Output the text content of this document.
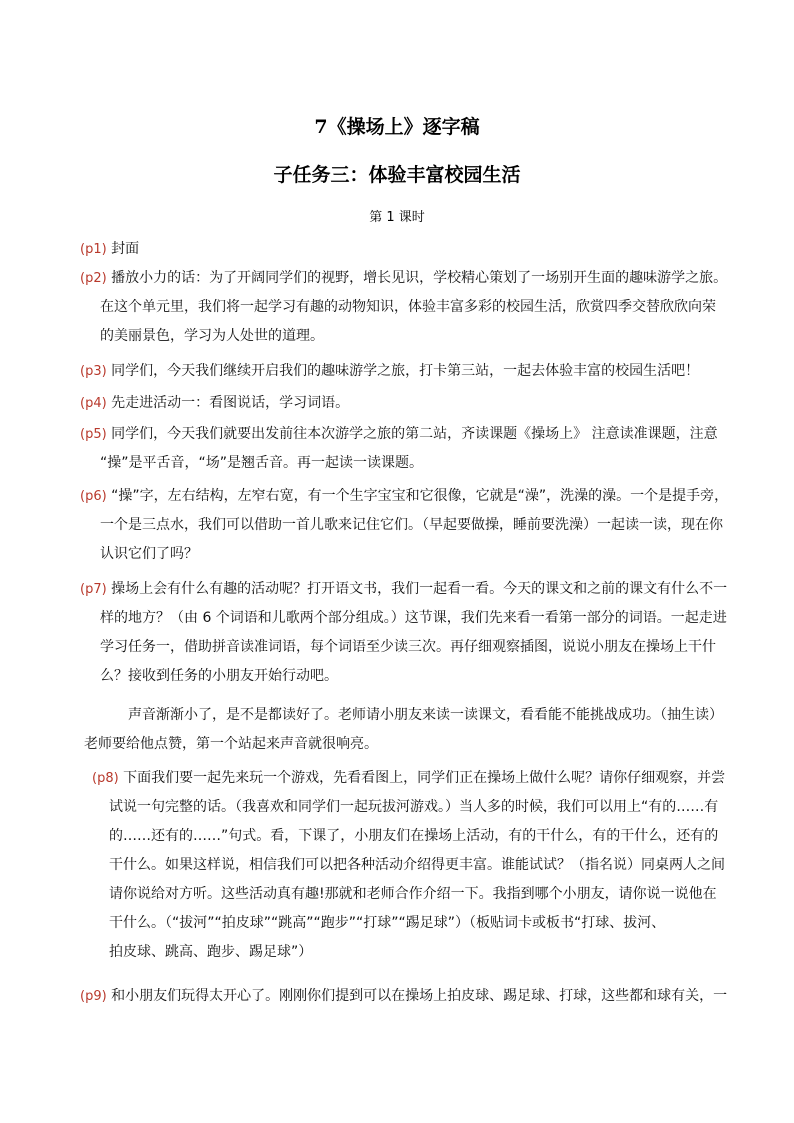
7《操场上》逐字稿
子任务三：体验丰富校园生活
第 1 课时
(p1) 封面
(p2) 播放小力的话：为了开阔同学们的视野，增长见识，学校精心策划了一场别开生面的趣味游学之旅。
在这个单元里，我们将一起学习有趣的动物知识，体验丰富多彩的校园生活，欣赏四季交替欣欣向荣
的美丽景色，学习为人处世的道理。
(p3) 同学们，今天我们继续开启我们的趣味游学之旅，打卡第三站，一起去体验丰富的校园生活吧！
(p4) 先走进活动一：看图说话，学习词语。
(p5) 同学们，今天我们就要出发前往本次游学之旅的第二站，齐读课题《操场上》 注意读准课题，注意
“操”是平舌音，“场”是翘舌音。再一起读一读课题。
(p6) “操”字，左右结构，左窄右宽，有一个生字宝宝和它很像，它就是“澡”，洗澡的澡。一个是提手旁，
一个是三点水，我们可以借助一首儿歌来记住它们。（早起要做操，睡前要洗澡）一起读一读，现在你
认识它们了吗？
(p7) 操场上会有什么有趣的活动呢？打开语文书，我们一起看一看。今天的课文和之前的课文有什么不一
样的地方？（由 6 个词语和儿歌两个部分组成。）这节课，我们先来看一看第一部分的词语。一起走进
学习任务一，借助拼音读准词语，每个词语至少读三次。再仔细观察插图，说说小朋友在操场上干什
么？接收到任务的小朋友开始行动吧。
声音渐渐小了，是不是都读好了。老师请小朋友来读一读课文，看看能不能挑战成功。（抽生读）
老师要给他点赞，第一个站起来声音就很响亮。
(p8) 下面我们要一起先来玩一个游戏，先看看图上，同学们正在操场上做什么呢？请你仔细观察，并尝
试说一句完整的话。（我喜欢和同学们一起玩拔河游戏。）当人多的时候，我们可以用上“有的……有
的……还有的……”句式。看，下课了，小朋友们在操场上活动，有的干什么，有的干什么，还有的
干什么。如果这样说，相信我们可以把各种活动介绍得更丰富。谁能试试？（指名说）同桌两人之间
请你说给对方听。这些活动真有趣!那就和老师合作介绍一下。我指到哪个小朋友，请你说一说他在
干什么。（“拔河”“拍皮球”“跳高”“跑步”“打球”“踢足球”）（板贴词卡或板书“打球、拔河、
拍皮球、跳高、跑步、踢足球”）
(p9) 和小朋友们玩得太开心了。刚刚你们提到可以在操场上拍皮球、踢足球、打球，这些都和球有关，一
